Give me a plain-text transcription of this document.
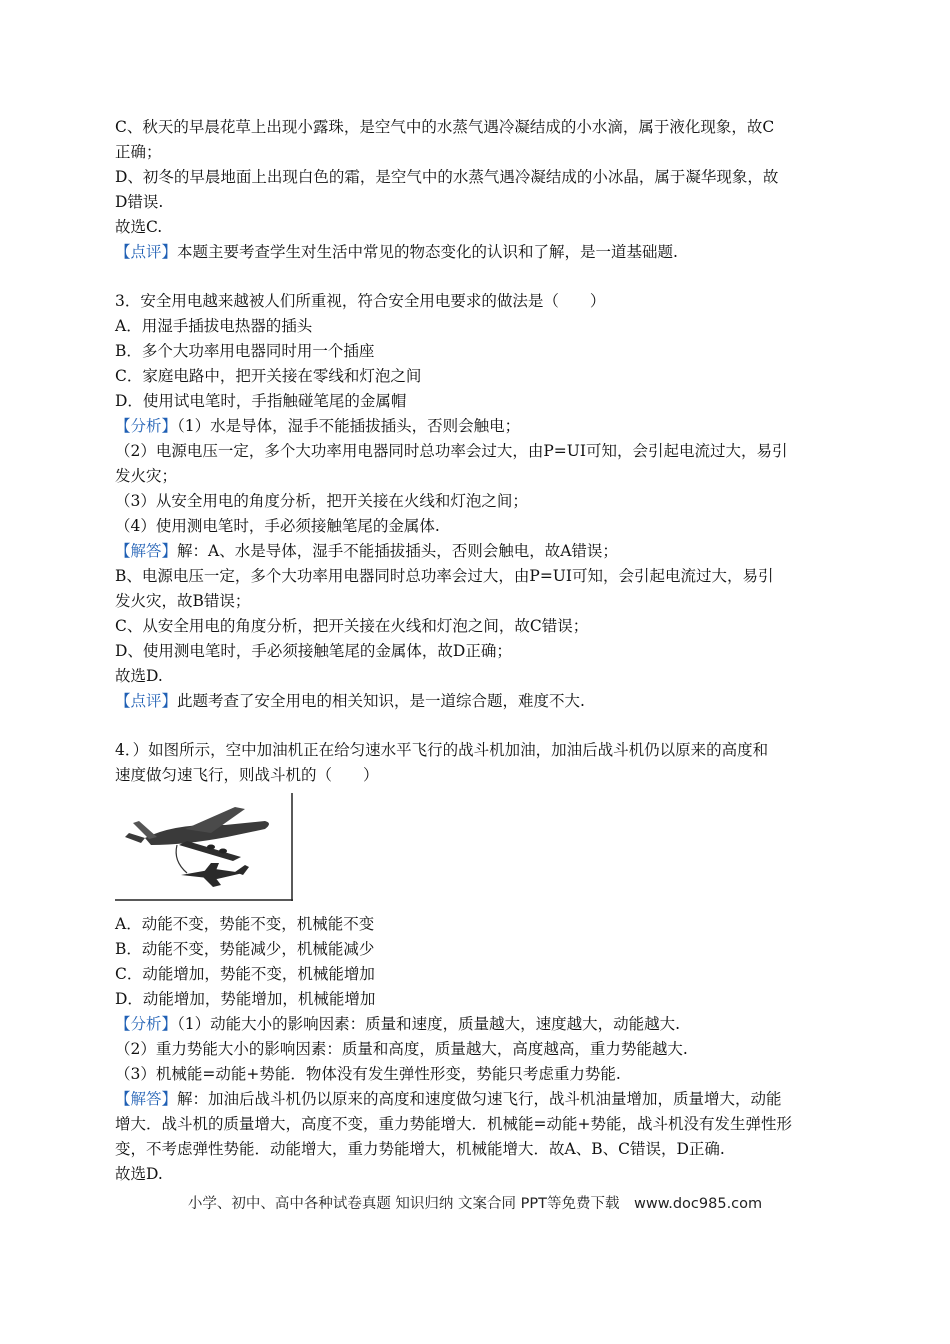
C、秋天的早晨花草上出现小露珠，是空气中的水蒸气遇冷凝结成的小水滴，属于液化现象，故C
正确；
D、初冬的早晨地面上出现白色的霜，是空气中的水蒸气遇冷凝结成的小冰晶，属于凝华现象，故
D错误.
故选C.
【点评】本题主要考查学生对生活中常见的物态变化的认识和了解，是一道基础题.
3．安全用电越来越被人们所重视，符合安全用电要求的做法是（　　）
A．用湿手插拔电热器的插头
B．多个大功率用电器同时用一个插座
C．家庭电路中，把开关接在零线和灯泡之间
D．使用试电笔时，手指触碰笔尾的金属帽
【分析】（1）水是导体，湿手不能插拔插头，否则会触电；
（2）电源电压一定，多个大功率用电器同时总功率会过大，由P=UI可知，会引起电流过大，易引
发火灾；
（3）从安全用电的角度分析，把开关接在火线和灯泡之间；
（4）使用测电笔时，手必须接触笔尾的金属体.
【解答】解：A、水是导体，湿手不能插拔插头，否则会触电，故A错误；
B、电源电压一定，多个大功率用电器同时总功率会过大，由P=UI可知，会引起电流过大，易引
发火灾，故B错误；
C、从安全用电的角度分析，把开关接在火线和灯泡之间，故C错误；
D、使用测电笔时，手必须接触笔尾的金属体，故D正确；
故选D.
【点评】此题考查了安全用电的相关知识，是一道综合题，难度不大.
4．）如图所示，空中加油机正在给匀速水平飞行的战斗机加油，加油后战斗机仍以原来的高度和
速度做匀速飞行，则战斗机的（　　）
A．动能不变，势能不变，机械能不变
B．动能不变，势能减少，机械能减少
C．动能增加，势能不变，机械能增加
D．动能增加，势能增加，机械能增加
【分析】（1）动能大小的影响因素：质量和速度，质量越大，速度越大，动能越大.
（2）重力势能大小的影响因素：质量和高度，质量越大，高度越高，重力势能越大.
（3）机械能=动能+势能．物体没有发生弹性形变，势能只考虑重力势能.
【解答】解：加油后战斗机仍以原来的高度和速度做匀速飞行，战斗机油量增加，质量增大，动能
增大．战斗机的质量增大，高度不变，重力势能增大．机械能=动能+势能，战斗机没有发生弹性形
变，不考虑弹性势能．动能增大，重力势能增大，机械能增大．故A、B、C错误，D正确.
故选D.
小学、初中、高中各种试卷真题 知识归纳 文案合同 PPT等免费下载　www.doc985.com
